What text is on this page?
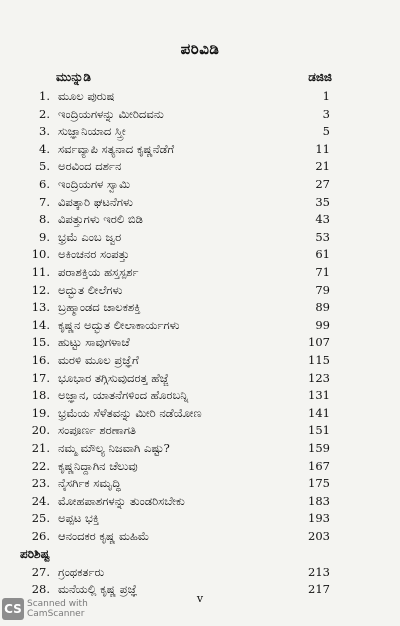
ಪರಿವಿಡಿ
ಮುನ್ನುಡಿ	ಡಜಿಜಿ
1. ಮೂಲ ಪುರುಷ	1
2. ಇಂದ್ರಿಯಗಳನ್ನು ಮೀರಿದವನು	3
3. ಸುಜ್ಞಾನಿಯಾದ ಸ್ತ್ರೀ	5
4. ಸರ್ವವ್ಯಾಪಿ ಸತ್ಯನಾದ ಕೃಷ್ಣನೆಡೆಗೆ	11
5. ಅರವಿಂದ ದರ್ಶನ	21
6. ಇಂದ್ರಿಯಗಳ ಸ್ವಾಮಿ	27
7. ವಿಪತ್ಕಾರಿ ಘಟನೆಗಳು	35
8. ವಿಪತ್ತುಗಳು ಇರಲಿ ಬಿಡಿ	43
9. ಭ್ರಮೆ ಎಂಬ ಜ್ವರ	53
10. ಅಕಿಂಚನರ ಸಂಪತ್ತು	61
11. ಪರಾಶಕ್ತಿಯ ಹಸ್ತಸ್ಪರ್ಶ	71
12. ಅದ್ಭುತ ಲೀಲೆಗಳು	79
13. ಬ್ರಹ್ಮಾಂಡದ ಚಾಲಕಶಕ್ತಿ	89
14. ಕೃಷ್ಣನ ಅದ್ಭುತ ಲೀಲಾಕಾರ್ಯಗಳು	99
15. ಹುಟ್ಟು ಸಾವುಗಳಾಚೆ	107
16. ಮರಳಿ ಮೂಲ ಪ್ರಜ್ಞೆಗೆ	115
17. ಭೂಭಾರ ತಗ್ಗಿಸುವುದರತ್ತ ಹೆಜ್ಜೆ	123
18. ಅಜ್ಞಾನ, ಯಾತನೆಗಳಿಂದ ಹೊರಬನ್ನಿ	131
19. ಭ್ರಮೆಯ ಸೆಳೆತವನ್ನು ಮೀರಿ ನಡೆಯೋಣ	141
20. ಸಂಪೂರ್ಣ ಶರಣಾಗತಿ	151
21. ನಮ್ಮ ಮೌಲ್ಯ ನಿಜವಾಗಿ ಎಷ್ಟು?	159
22. ಕೃಷ್ಣನಿದ್ದಾಗಿನ ಚೆಲುವು	167
23. ನೈಸರ್ಗಿಕ ಸಮೃದ್ಧಿ	175
24. ಮೋಹಪಾಶಗಳನ್ನು ತುಂಡರಿಸಬೇಕು	183
25. ಅಪ್ಪಟ ಭಕ್ತಿ	193
26. ಆನಂದಕರ ಕೃಷ್ಣ ಮಹಿಮೆ	203
ಪರಿಶಿಷ್ಟ
27. ಗ್ರಂಥಕರ್ತರು	213
28. ಮನೆಯಲ್ಲಿ ಕೃಷ್ಣ ಪ್ರಜ್ಞೆ	217
v
CS Scanned with
CamScanner
